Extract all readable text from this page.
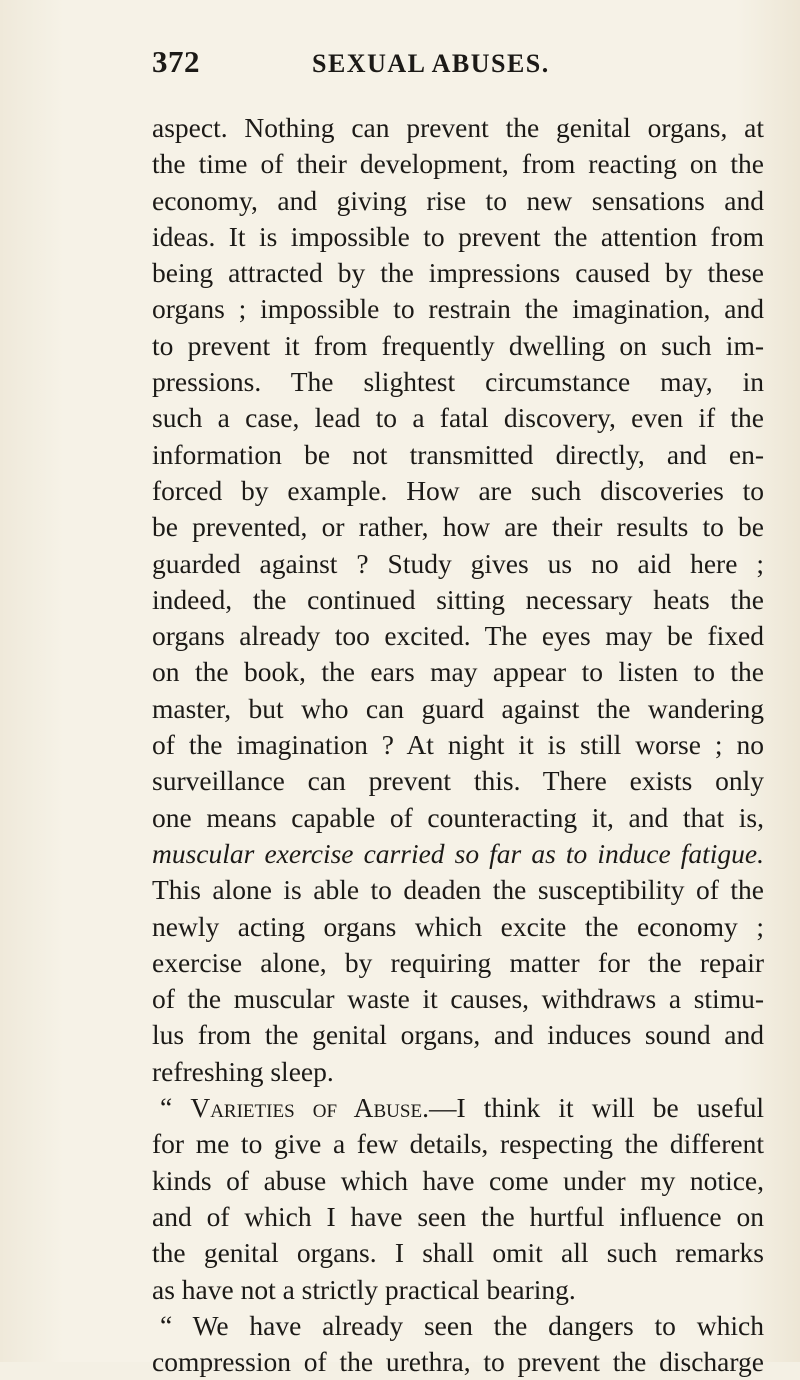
372	SEXUAL ABUSES.
aspect. Nothing can prevent the genital organs, at
the time of their development, from reacting on the
economy, and giving rise to new sensations and
ideas. It is impossible to prevent the attention from
being attracted by the impressions caused by these
organs ; impossible to restrain the imagination, and
to prevent it from frequently dwelling on such im-
pressions. The slightest circumstance may, in
such a case, lead to a fatal discovery, even if the
information be not transmitted directly, and en-
forced by example. How are such discoveries to
be prevented, or rather, how are their results to be
guarded against ? Study gives us no aid here ;
indeed, the continued sitting necessary heats the
organs already too excited. The eyes may be fixed
on the book, the ears may appear to listen to the
master, but who can guard against the wandering
of the imagination ? At night it is still worse ; no
surveillance can prevent this. There exists only
one means capable of counteracting it, and that is,
muscular exercise carried so far as to induce fatigue.
This alone is able to deaden the susceptibility of the
newly acting organs which excite the economy ;
exercise alone, by requiring matter for the repair
of the muscular waste it causes, withdraws a stimu-
lus from the genital organs, and induces sound and
refreshing sleep.
“ Varieties of Abuse.—I think it will be useful
for me to give a few details, respecting the different
kinds of abuse which have come under my notice,
and of which I have seen the hurtful influence on
the genital organs. I shall omit all such remarks
as have not a strictly practical bearing.
“ We have already seen the dangers to which
compression of the urethra, to prevent the discharge
